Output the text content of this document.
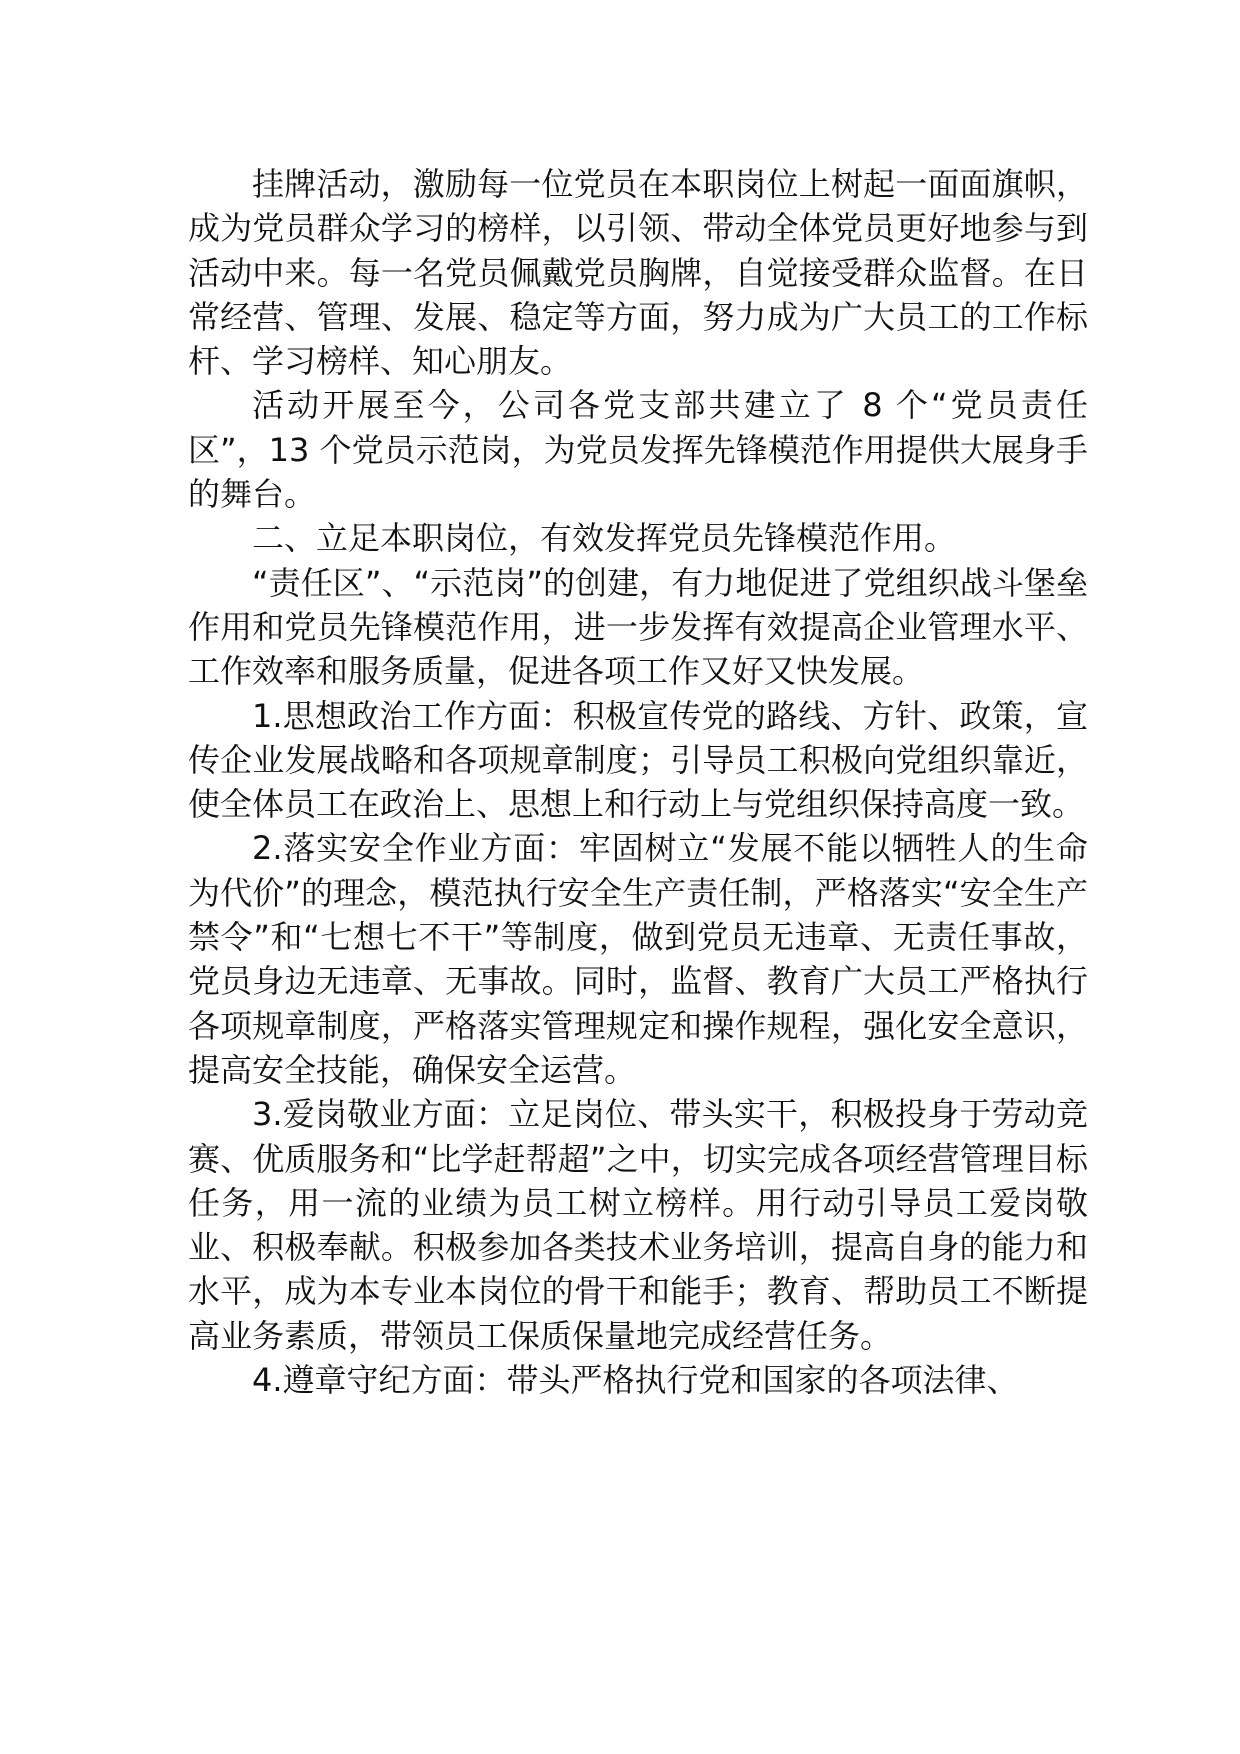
挂牌活动，激励每一位党员在本职岗位上树起一面面旗帜，成为党员群众学习的榜样，以引领、带动全体党员更好地参与到活动中来。每一名党员佩戴党员胸牌，自觉接受群众监督。在日常经营、管理、发展、稳定等方面，努力成为广大员工的工作标杆、学习榜样、知心朋友。

活动开展至今，公司各党支部共建立了 8 个“党员责任区”，13 个党员示范岗，为党员发挥先锋模范作用提供大展身手的舞台。

二、立足本职岗位，有效发挥党员先锋模范作用。

“责任区”、“示范岗”的创建，有力地促进了党组织战斗堡垒作用和党员先锋模范作用，进一步发挥有效提高企业管理水平、工作效率和服务质量，促进各项工作又好又快发展。

1.思想政治工作方面：积极宣传党的路线、方针、政策，宣传企业发展战略和各项规章制度；引导员工积极向党组织靠近，使全体员工在政治上、思想上和行动上与党组织保持高度一致。

2.落实安全作业方面：牢固树立“发展不能以牺牲人的生命为代价”的理念，模范执行安全生产责任制，严格落实“安全生产禁令”和“七想七不干”等制度，做到党员无违章、无责任事故，党员身边无违章、无事故。同时，监督、教育广大员工严格执行各项规章制度，严格落实管理规定和操作规程，强化安全意识，提高安全技能，确保安全运营。

3.爱岗敬业方面：立足岗位、带头实干，积极投身于劳动竞赛、优质服务和“比学赶帮超”之中，切实完成各项经营管理目标任务，用一流的业绩为员工树立榜样。用行动引导员工爱岗敬业、积极奉献。积极参加各类技术业务培训，提高自身的能力和水平，成为本专业本岗位的骨干和能手；教育、帮助员工不断提高业务素质，带领员工保质保量地完成经营任务。

4.遵章守纪方面：带头严格执行党和国家的各项法律、
